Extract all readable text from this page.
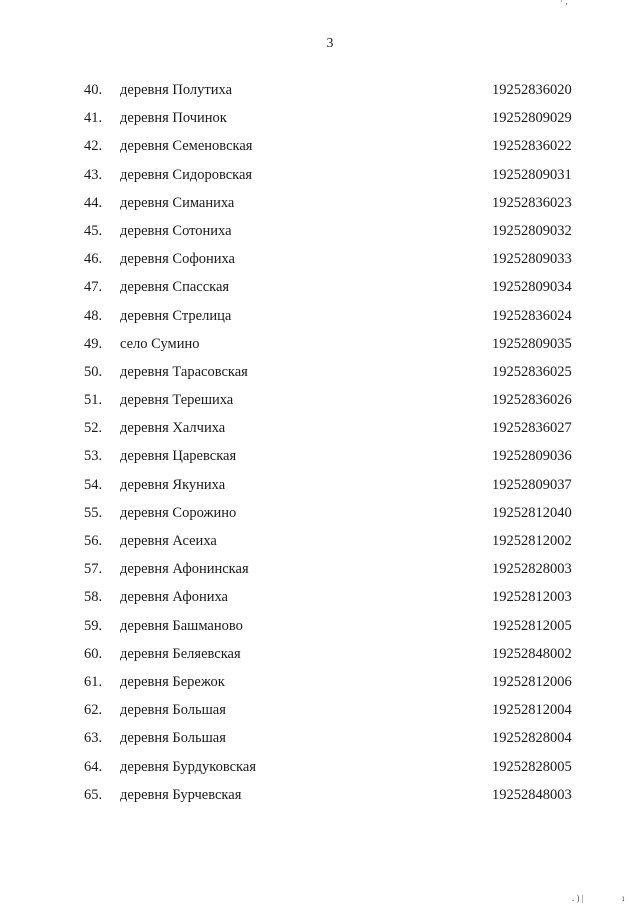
· ,
3
40.	деревня Полутиха	19252836020
41.	деревня Починок	19252809029
42.	деревня Семеновская	19252836022
43.	деревня Сидоровская	19252809031
44.	деревня Симаниха	19252836023
45.	деревня Сотониха	19252809032
46.	деревня Софониха	19252809033
47.	деревня Спасская	19252809034
48.	деревня Стрелица	19252836024
49.	село Сумино	19252809035
50.	деревня Тарасовская	19252836025
51.	деревня Терешиха	19252836026
52.	деревня Халчиха	19252836027
53.	деревня Царевская	19252809036
54.	деревня Якуниха	19252809037
55.	деревня Сорожино	19252812040
56.	деревня Асеиха	19252812002
57.	деревня Афонинская	19252828003
58.	деревня Афониха	19252812003
59.	деревня Башманово	19252812005
60.	деревня Беляевская	19252848002
61.	деревня Бережок	19252812006
62.	деревня Большая	19252812004
63.	деревня Большая	19252828004
64.	деревня Бурдуковская	19252828005
65.	деревня Бурчевская	19252848003
. ) |	ı
